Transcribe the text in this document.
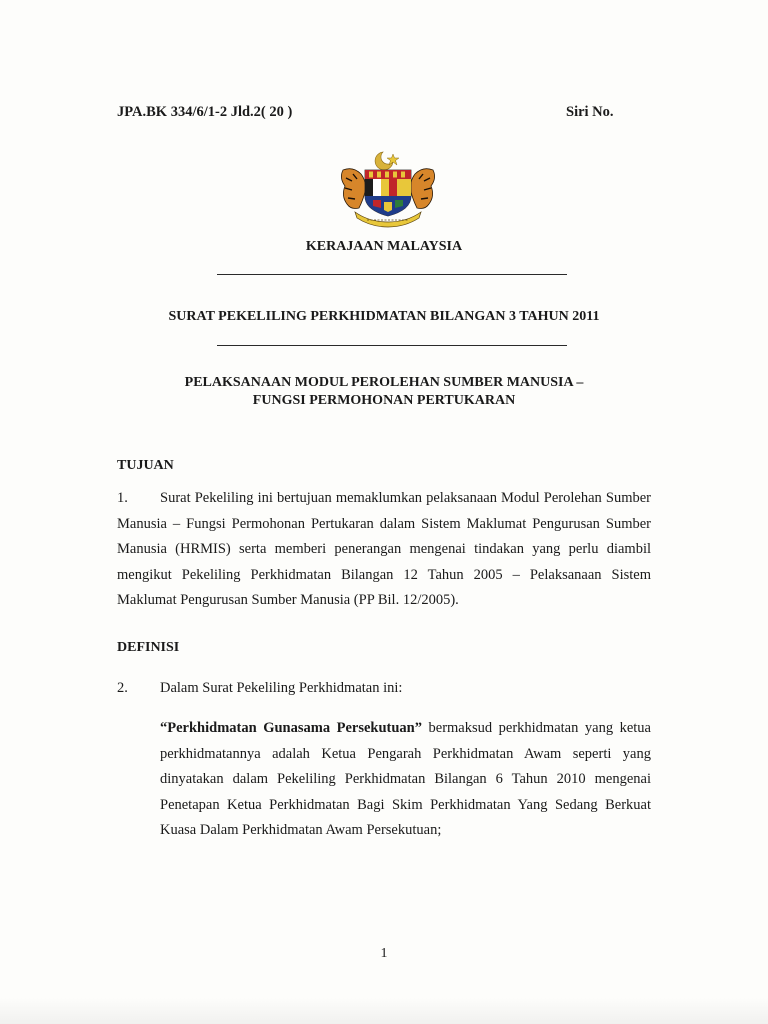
JPA.BK 334/6/1-2 Jld.2( 20 )	Siri No.
KERAJAAN MALAYSIA
SURAT PEKELILING PERKHIDMATAN BILANGAN 3 TAHUN 2011
PELAKSANAAN MODUL PEROLEHAN SUMBER MANUSIA –
FUNGSI PERMOHONAN PERTUKARAN
TUJUAN
1. Surat Pekeliling ini bertujuan memaklumkan pelaksanaan Modul Perolehan Sumber Manusia – Fungsi Permohonan Pertukaran dalam Sistem Maklumat Pengurusan Sumber Manusia (HRMIS) serta memberi penerangan mengenai tindakan yang perlu diambil mengikut Pekeliling Perkhidmatan Bilangan 12 Tahun 2005 – Pelaksanaan Sistem Maklumat Pengurusan Sumber Manusia (PP Bil. 12/2005).
DEFINISI
2. Dalam Surat Pekeliling Perkhidmatan ini:
“Perkhidmatan Gunasama Persekutuan” bermaksud perkhidmatan yang ketua perkhidmatannya adalah Ketua Pengarah Perkhidmatan Awam seperti yang dinyatakan dalam Pekeliling Perkhidmatan Bilangan 6 Tahun 2010 mengenai Penetapan Ketua Perkhidmatan Bagi Skim Perkhidmatan Yang Sedang Berkuat Kuasa Dalam Perkhidmatan Awam Persekutuan;
1
